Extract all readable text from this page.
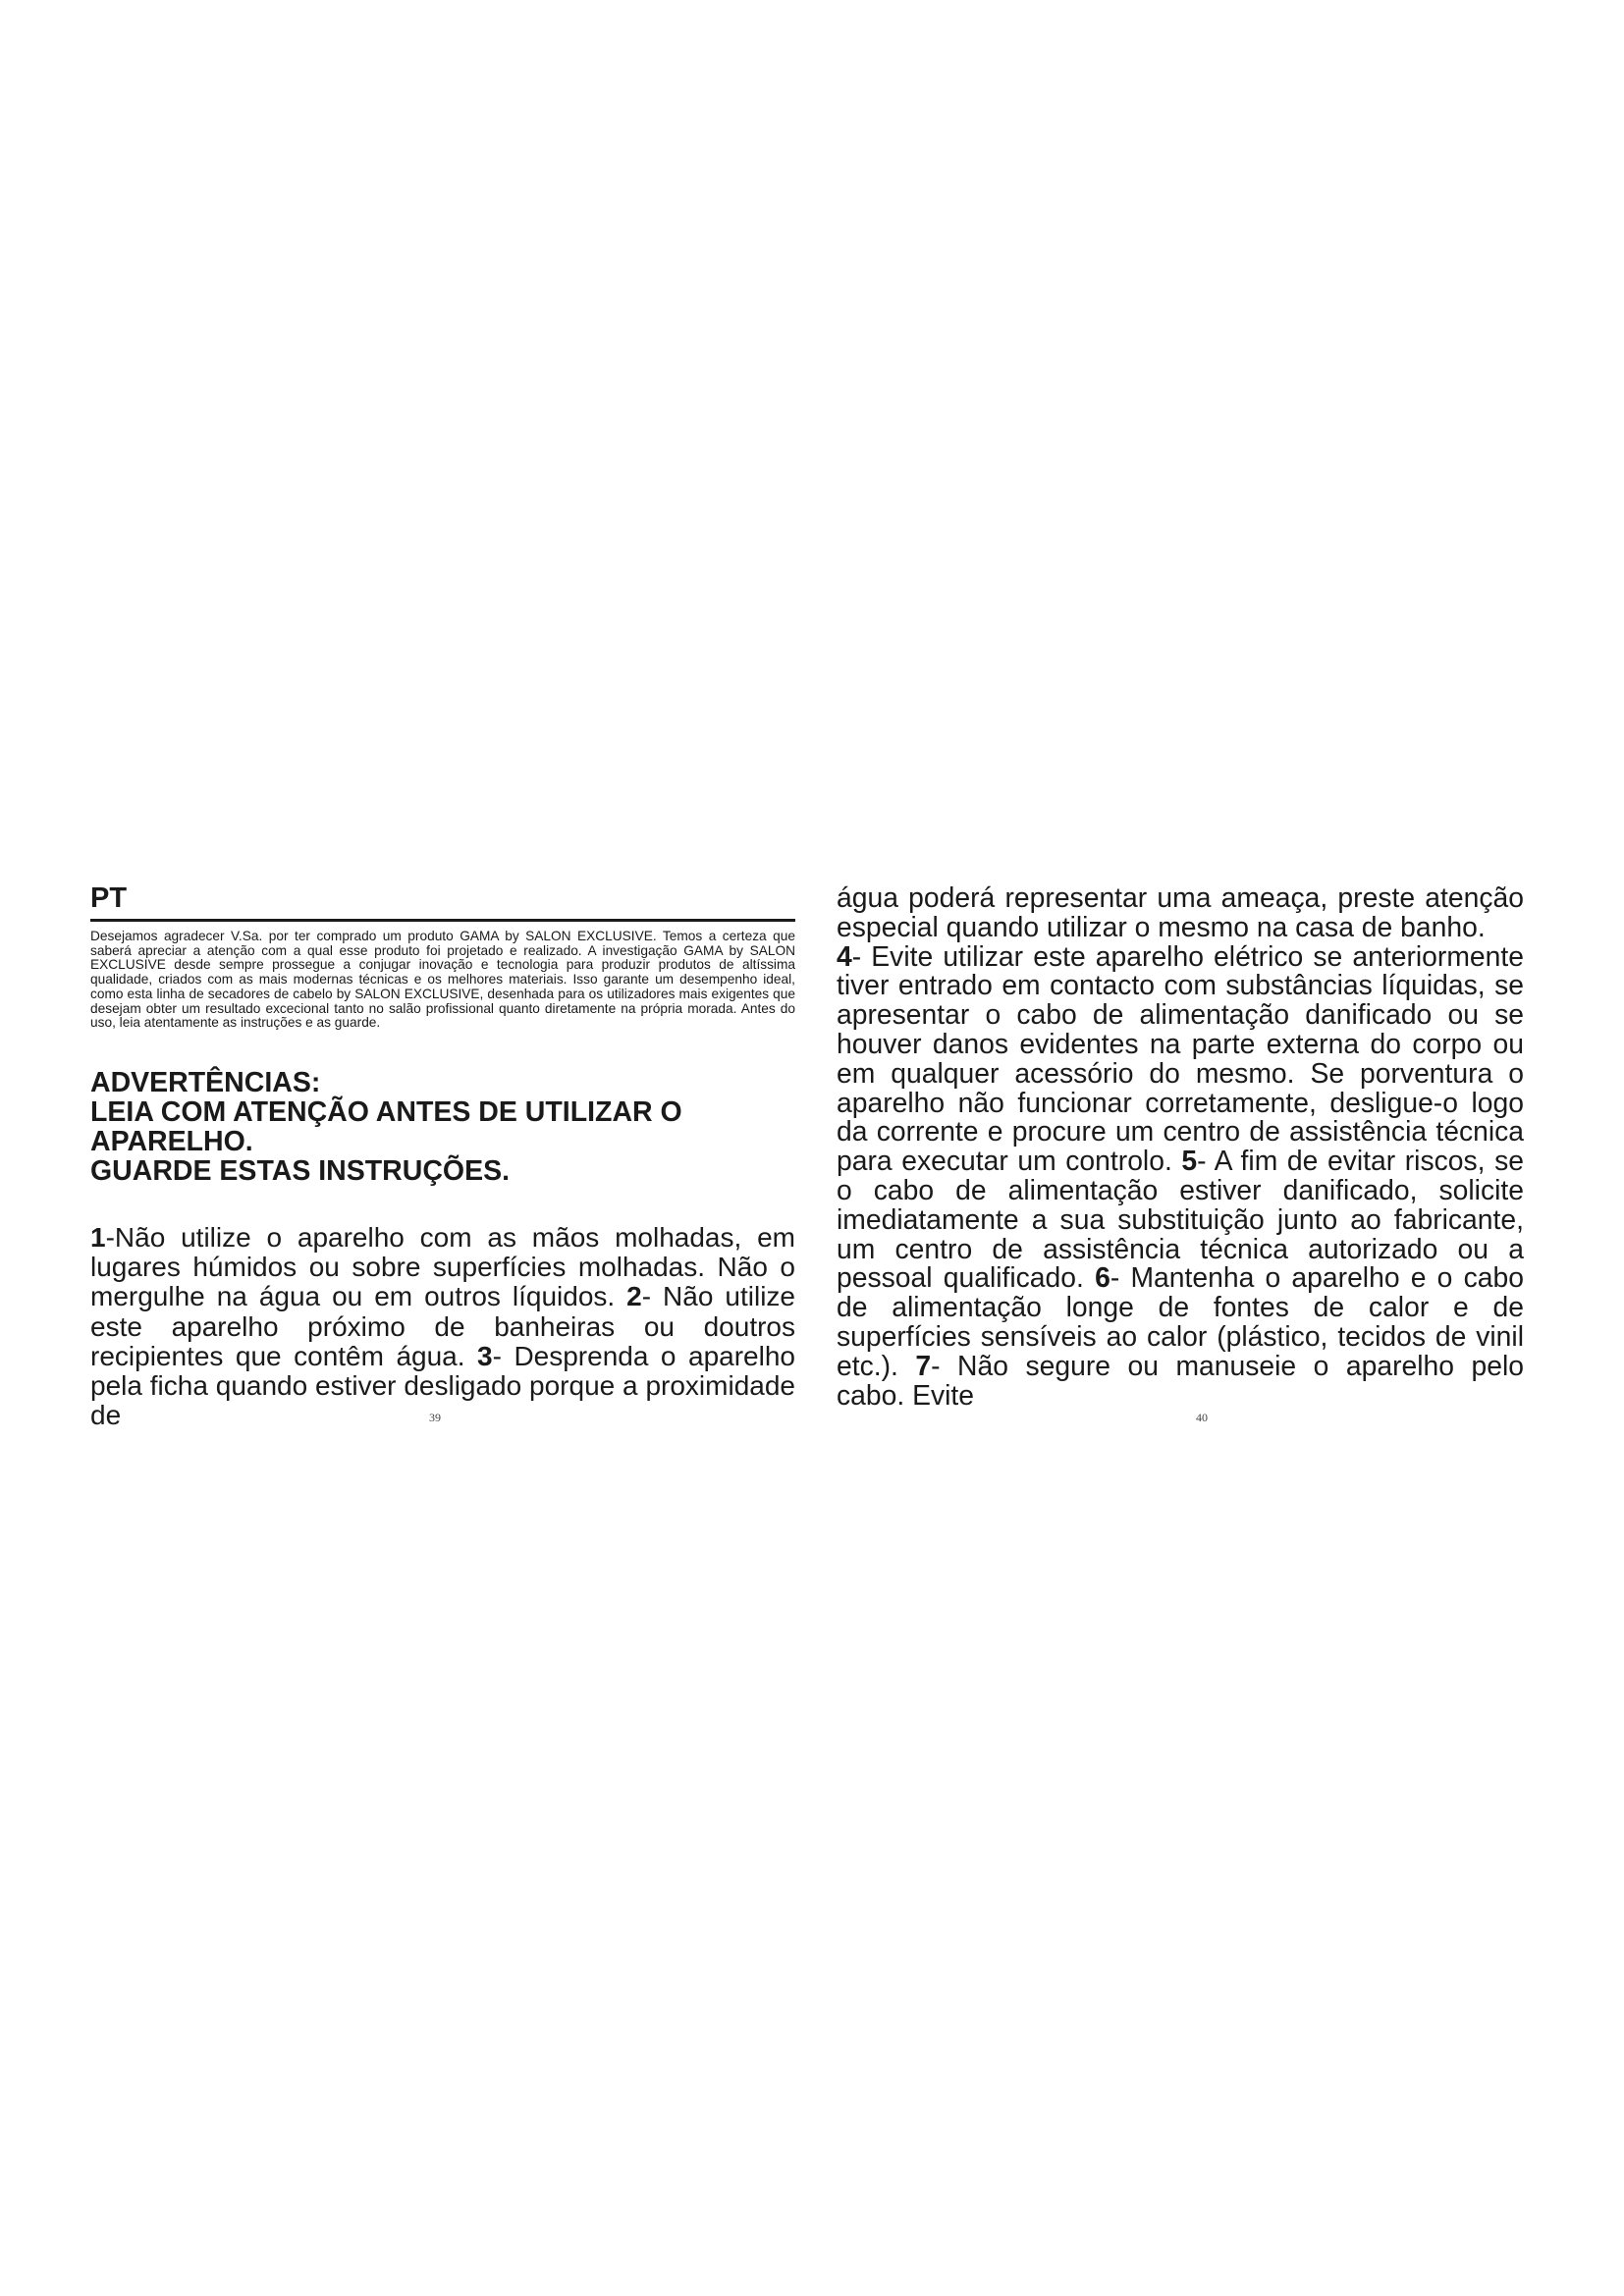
PT

Desejamos agradecer V.Sa. por ter comprado um produto GAMA by SALON EXCLUSIVE. Temos a certeza que saberá apreciar a atenção com a qual esse produto foi projetado e realizado. A investigação GAMA by SALON EXCLUSIVE desde sempre prossegue a conjugar inovação e tecnologia para produzir produtos de altíssima qualidade, criados com as mais modernas técnicas e os melhores materiais. Isso garante um desempenho ideal, como esta linha de secadores de cabelo by SALON EXCLUSIVE, desenhada para os utilizadores mais exigentes que desejam obter um resultado excecional tanto no salão profissional quanto diretamente na própria morada. Antes do uso, leia atentamente as instruções e as guarde.

ADVERTÊNCIAS:
LEIA COM ATENÇÃO ANTES DE UTILIZAR O APARELHO.
GUARDE ESTAS INSTRUÇÕES.

1-Não utilize o aparelho com as mãos molhadas, em lugares húmidos ou sobre superfícies molhadas. Não o mergulhe na água ou em outros líquidos. 2- Não utilize este aparelho próximo de banheiras ou doutros recipientes que contêm água. 3- Desprenda o aparelho pela ficha quando estiver desligado porque a proximidade de

água poderá representar uma ameaça, preste atenção especial quando utilizar o mesmo na casa de banho.
4- Evite utilizar este aparelho elétrico se anteriormente tiver entrado em contacto com substâncias líquidas, se apresentar o cabo de alimentação danificado ou se houver danos evidentes na parte externa do corpo ou em qualquer acessório do mesmo. Se porventura o aparelho não funcionar corretamente, desligue-o logo da corrente e procure um centro de assistência técnica para executar um controlo. 5- A fim de evitar riscos, se o cabo de alimentação estiver danificado, solicite imediatamente a sua substituição junto ao fabricante, um centro de assistência técnica autorizado ou a pessoal qualificado. 6- Mantenha o aparelho e o cabo de alimentação longe de fontes de calor e de superfícies sensíveis ao calor (plástico, tecidos de vinil etc.). 7- Não segure ou manuseie o aparelho pelo cabo. Evite

39	40
